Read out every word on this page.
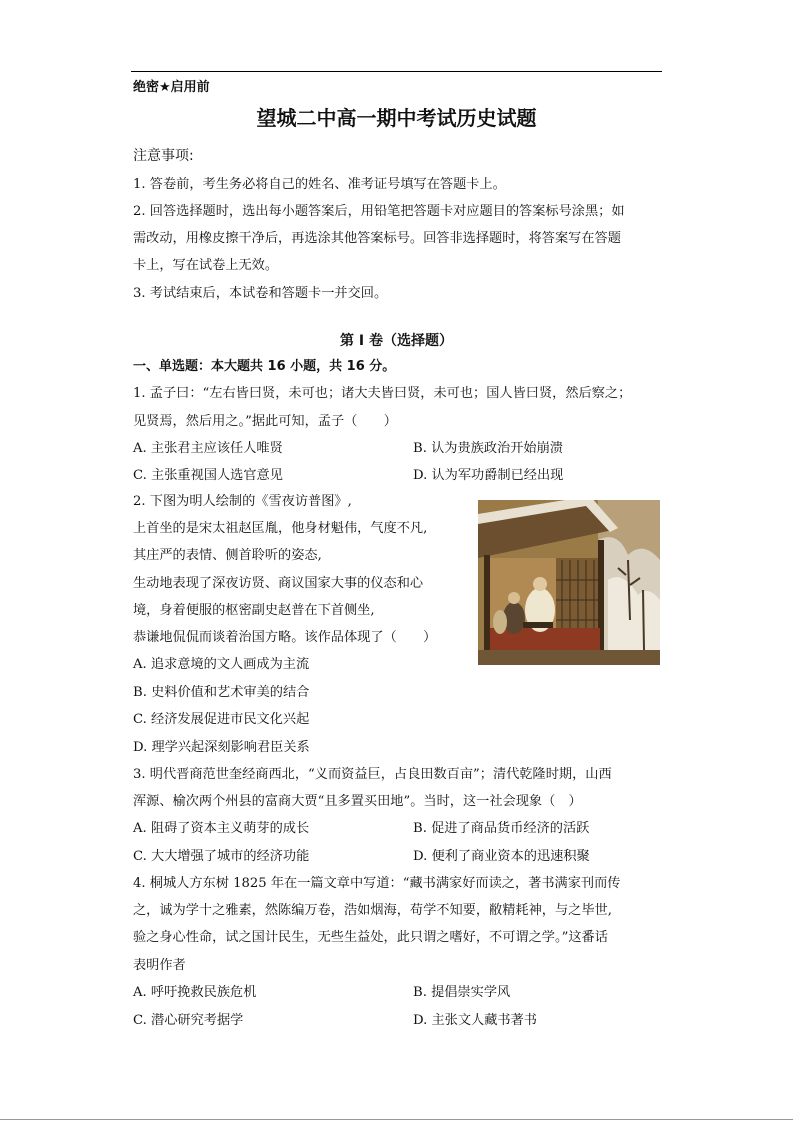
绝密★启用前
望城二中高一期中考试历史试题
注意事项:
1. 答卷前，考生务必将自己的姓名、准考证号填写在答题卡上。
2. 回答选择题时，选出每小题答案后，用铅笔把答题卡对应题目的答案标号涂黑；如
需改动，用橡皮擦干净后，再选涂其他答案标号。回答非选择题时，将答案写在答题
卡上，写在试卷上无效。
3. 考试结束后，本试卷和答题卡一并交回。
第 I 卷（选择题）
一、单选题：本大题共 16 小题，共 16 分。
1. 孟子曰：“左右皆曰贤，未可也；诸大夫皆曰贤，未可也；国人皆曰贤，然后察之；
见贤焉，然后用之。”据此可知，孟子（　　）
A. 主张君主应该任人唯贤	B. 认为贵族政治开始崩溃
C. 主张重视国人选官意见	D. 认为军功爵制已经出现
2. 下图为明人绘制的《雪夜访普图》,
上首坐的是宋太祖赵匡胤，他身材魁伟，气度不凡,
其庄严的表情、侧首聆听的姿态,
生动地表现了深夜访贤、商议国家大事的仪态和心
境，身着便服的枢密副史赵普在下首侧坐,
恭谦地侃侃而谈着治国方略。该作品体现了（　　）
A. 追求意境的文人画成为主流
B. 史料价值和艺术审美的结合
C. 经济发展促进市民文化兴起
D. 理学兴起深刻影响君臣关系
3. 明代晋商范世奎经商西北，“义而资益巨，占良田数百亩”；清代乾隆时期，山西
浑源、榆次两个州县的富商大贾“且多置买田地”。当时，这一社会现象（　）
A. 阻碍了资本主义萌芽的成长	B. 促进了商品货币经济的活跃
C. 大大增强了城市的经济功能	D. 便利了商业资本的迅速积聚
4. 桐城人方东树 1825 年在一篇文章中写道：“藏书满家好而读之，著书满家刊而传
之，诚为学十之雅素，然陈编万卷，浩如烟海，苟学不知要，敝精耗神，与之毕世,
验之身心性命，试之国计民生，无些生益处，此只谓之嗜好，不可谓之学。”这番话
表明作者
A. 呼吁挽救民族危机	B. 提倡崇实学风
C. 潜心研究考据学	D. 主张文人藏书著书
